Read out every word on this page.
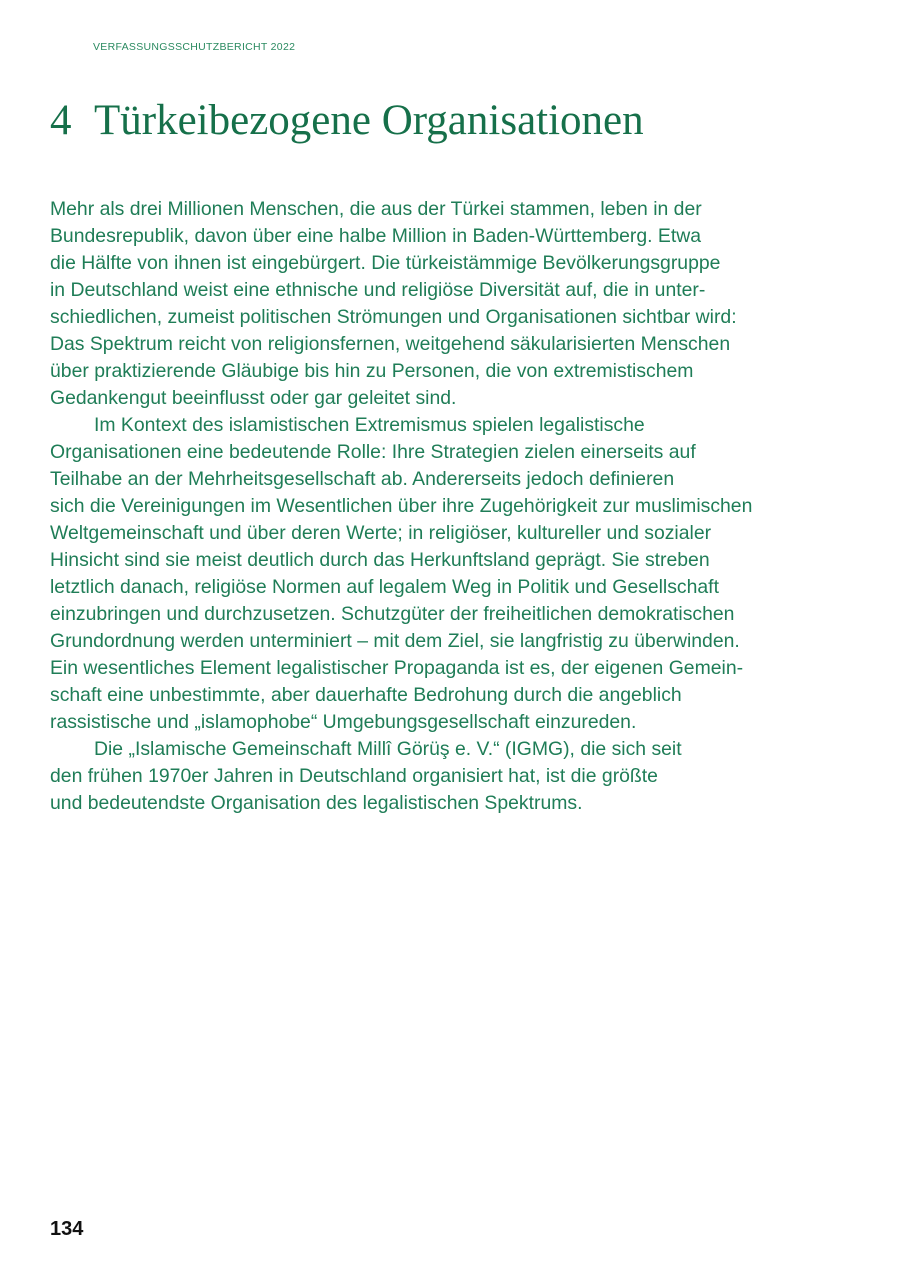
VERFASSUNGSSCHUTZBERICHT 2022
4 Türkeibezogene Organisationen
Mehr als drei Millionen Menschen, die aus der Türkei stammen, leben in der
Bundesrepublik, davon über eine halbe Million in Baden-Württemberg. Etwa
die Hälfte von ihnen ist eingebürgert. Die türkeistämmige Bevölkerungsgruppe
in Deutschland weist eine ethnische und religiöse Diversität auf, die in unter-
schiedlichen, zumeist politischen Strömungen und Organisationen sichtbar wird:
Das Spektrum reicht von religionsfernen, weitgehend säkularisierten Menschen
über praktizierende Gläubige bis hin zu Personen, die von extremistischem
Gedankengut beeinflusst oder gar geleitet sind.
Im Kontext des islamistischen Extremismus spielen legalistische
Organisationen eine bedeutende Rolle: Ihre Strategien zielen einerseits auf
Teilhabe an der Mehrheitsgesellschaft ab. Andererseits jedoch definieren
sich die Vereinigungen im Wesentlichen über ihre Zugehörigkeit zur muslimischen
Weltgemeinschaft und über deren Werte; in religiöser, kultureller und sozialer
Hinsicht sind sie meist deutlich durch das Herkunftsland geprägt. Sie streben
letztlich danach, religiöse Normen auf legalem Weg in Politik und Gesellschaft
einzubringen und durchzusetzen. Schutzgüter der freiheitlichen demokratischen
Grundordnung werden unterminiert – mit dem Ziel, sie langfristig zu überwinden.
Ein wesentliches Element legalistischer Propaganda ist es, der eigenen Gemein-
schaft eine unbestimmte, aber dauerhafte Bedrohung durch die angeblich
rassistische und „islamophobe“ Umgebungsgesellschaft einzureden.
Die „Islamische Gemeinschaft Millî Görüş e. V.“ (IGMG), die sich seit
den frühen 1970er Jahren in Deutschland organisiert hat, ist die größte
und bedeutendste Organisation des legalistischen Spektrums.
134
